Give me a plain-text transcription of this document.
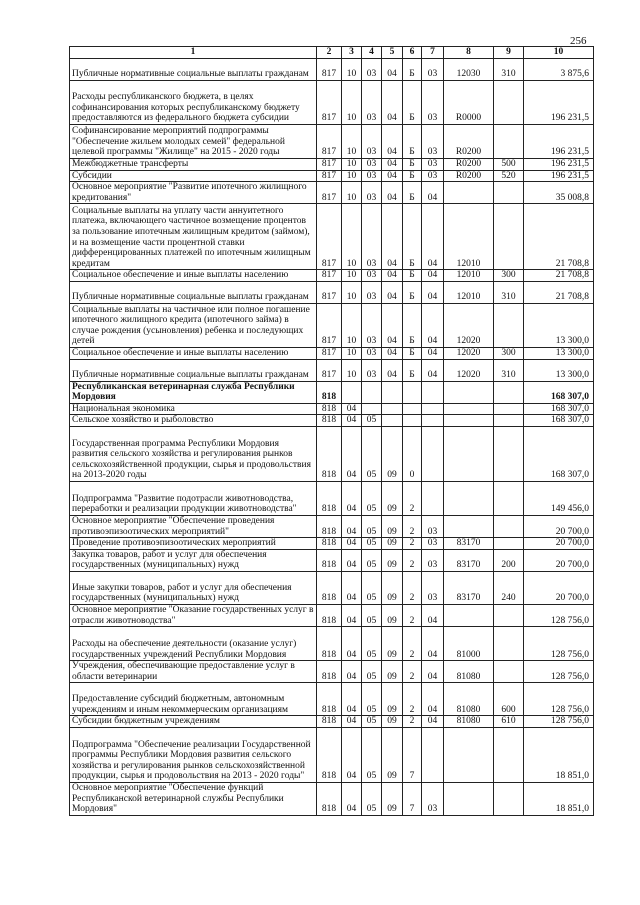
256
1	2	3	4	5	6	7	8	9	10
Публичные нормативные социальные выплаты гражданам	817	10	03	04	Б	03	12030	310	3 875,6
Расходы республиканского бюджета, в целях софинансирования которых республиканскому бюджету предоставляются из федерального бюджета субсидии	817	10	03	04	Б	03	R0000		196 231,5
Софинансирование мероприятий подпрограммы "Обеспечение жильем молодых семей" федеральной целевой программы "Жилище" на 2015 - 2020 годы	817	10	03	04	Б	03	R0200		196 231,5
Межбюджетные трансферты	817	10	03	04	Б	03	R0200	500	196 231,5
Субсидии	817	10	03	04	Б	03	R0200	520	196 231,5
Основное мероприятие "Развитие ипотечного жилищного кредитования"	817	10	03	04	Б	04			35 008,8
Социальные выплаты на уплату части аннуитетного платежа, включающего частичное возмещение процентов за пользование ипотечным жилищным кредитом (займом), и на возмещение части процентной ставки дифференцированных платежей по ипотечным жилищным кредитам	817	10	03	04	Б	04	12010		21 708,8
Социальное обеспечение и иные выплаты населению	817	10	03	04	Б	04	12010	300	21 708,8
Публичные нормативные социальные выплаты гражданам	817	10	03	04	Б	04	12010	310	21 708,8
Социальные выплаты на частичное или полное погашение ипотечного жилищного кредита (ипотечного займа) в случае рождения (усыновления) ребенка и последующих детей	817	10	03	04	Б	04	12020		13 300,0
Социальное обеспечение и иные выплаты населению	817	10	03	04	Б	04	12020	300	13 300,0
Публичные нормативные социальные выплаты гражданам	817	10	03	04	Б	04	12020	310	13 300,0
Республиканская ветеринарная служба Республики Мордовия	818								168 307,0
Национальная экономика	818	04							168 307,0
Сельское хозяйство и рыболовство	818	04	05						168 307,0
Государственная программа Республики Мордовия развития сельского хозяйства и регулирования рынков сельскохозяйственной продукции, сырья и продовольствия на 2013-2020 годы	818	04	05	09	0				168 307,0
Подпрограмма "Развитие подотрасли животноводства, переработки и реализации продукции животноводства"	818	04	05	09	2				149 456,0
Основное мероприятие "Обеспечение проведения противоэпизоотических мероприятий"	818	04	05	09	2	03			20 700,0
Проведение противоэпизоотических мероприятий	818	04	05	09	2	03	83170		20 700,0
Закупка товаров, работ и услуг для обеспечения государственных (муниципальных) нужд	818	04	05	09	2	03	83170	200	20 700,0
Иные закупки товаров, работ и услуг для обеспечения государственных (муниципальных) нужд	818	04	05	09	2	03	83170	240	20 700,0
Основное мероприятие "Оказание государственных услуг в отрасли животноводства"	818	04	05	09	2	04			128 756,0
Расходы на обеспечение деятельности (оказание услуг) государственных учреждений Республики Мордовия	818	04	05	09	2	04	81000		128 756,0
Учреждения, обеспечивающие предоставление услуг в области ветеринарии	818	04	05	09	2	04	81080		128 756,0
Предоставление субсидий бюджетным, автономным учреждениям и иным некоммерческим организациям	818	04	05	09	2	04	81080	600	128 756,0
Субсидии бюджетным учреждениям	818	04	05	09	2	04	81080	610	128 756,0
Подпрограмма "Обеспечение реализации Государственной программы Республики Мордовия развития сельского хозяйства и регулирования рынков сельскохозяйственной продукции, сырья и продовольствия на 2013 - 2020 годы"	818	04	05	09	7				18 851,0
Основное мероприятие "Обеспечение функций Республиканской ветеринарной службы Республики Мордовия"	818	04	05	09	7	03			18 851,0
